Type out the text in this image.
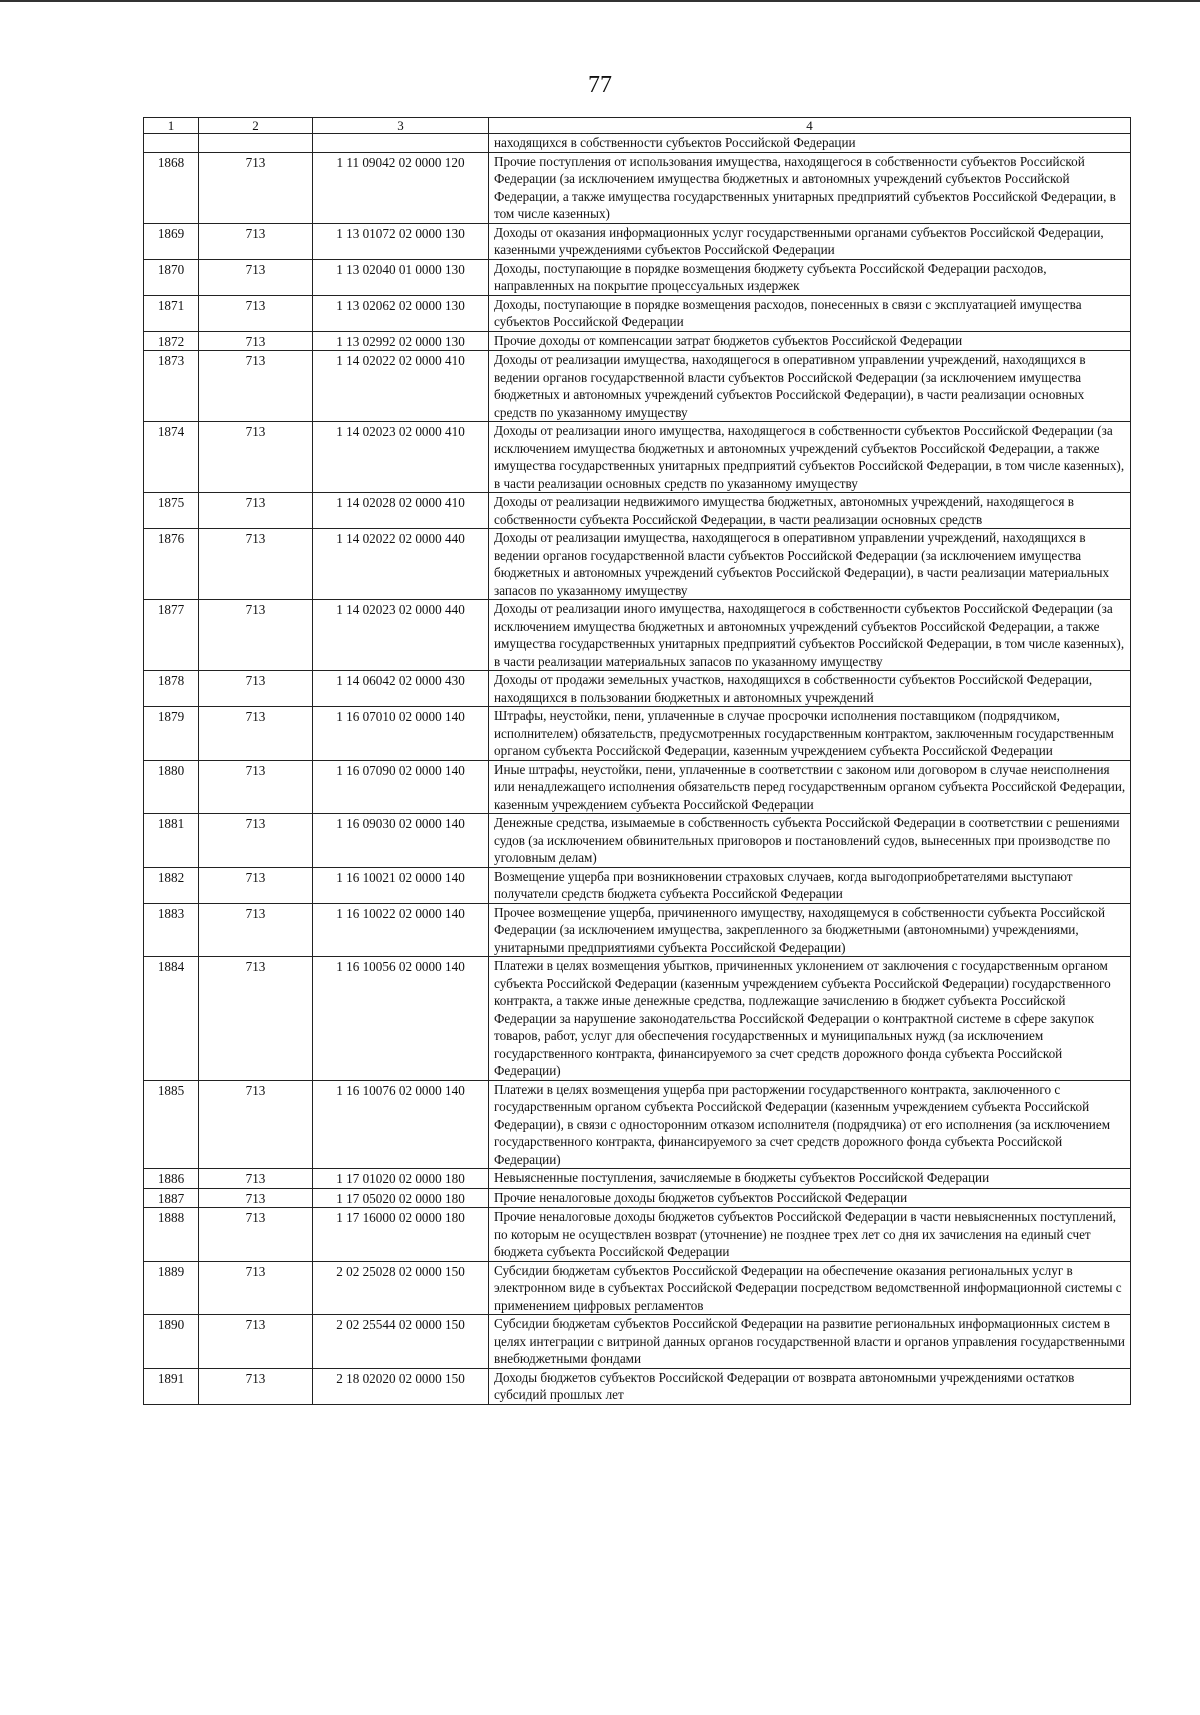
77
1	2	3	4
			находящихся в собственности субъектов Российской Федерации
1868	713	1 11 09042 02 0000 120	Прочие поступления от использования имущества, находящегося в собственности субъектов Российской Федерации (за исключением имущества бюджетных и автономных учреждений субъектов Российской Федерации, а также имущества государственных унитарных предприятий субъектов Российской Федерации, в том числе казенных)
1869	713	1 13 01072 02 0000 130	Доходы от оказания информационных услуг государственными органами субъектов Российской Федерации, казенными учреждениями субъектов Российской Федерации
1870	713	1 13 02040 01 0000 130	Доходы, поступающие в порядке возмещения бюджету субъекта Российской Федерации расходов, направленных на покрытие процессуальных издержек
1871	713	1 13 02062 02 0000 130	Доходы, поступающие в порядке возмещения расходов, понесенных в связи с эксплуатацией имущества субъектов Российской Федерации
1872	713	1 13 02992 02 0000 130	Прочие доходы от компенсации затрат бюджетов субъектов Российской Федерации
1873	713	1 14 02022 02 0000 410	Доходы от реализации имущества, находящегося в оперативном управлении учреждений, находящихся в ведении органов государственной власти субъектов Российской Федерации (за исключением имущества бюджетных и автономных учреждений субъектов Российской Федерации), в части реализации основных средств по указанному имуществу
1874	713	1 14 02023 02 0000 410	Доходы от реализации иного имущества, находящегося в собственности субъектов Российской Федерации (за исключением имущества бюджетных и автономных учреждений субъектов Российской Федерации, а также имущества государственных унитарных предприятий субъектов Российской Федерации, в том числе казенных), в части реализации основных средств по указанному имуществу
1875	713	1 14 02028 02 0000 410	Доходы от реализации недвижимого имущества бюджетных, автономных учреждений, находящегося в собственности субъекта Российской Федерации, в части реализации основных средств
1876	713	1 14 02022 02 0000 440	Доходы от реализации имущества, находящегося в оперативном управлении учреждений, находящихся в ведении органов государственной власти субъектов Российской Федерации (за исключением имущества бюджетных и автономных учреждений субъектов Российской Федерации), в части реализации материальных запасов по указанному имуществу
1877	713	1 14 02023 02 0000 440	Доходы от реализации иного имущества, находящегося в собственности субъектов Российской Федерации (за исключением имущества бюджетных и автономных учреждений субъектов Российской Федерации, а также имущества государственных унитарных предприятий субъектов Российской Федерации, в том числе казенных), в части реализации материальных запасов по указанному имуществу
1878	713	1 14 06042 02 0000 430	Доходы от продажи земельных участков, находящихся в собственности субъектов Российской Федерации, находящихся в пользовании бюджетных и автономных учреждений
1879	713	1 16 07010 02 0000 140	Штрафы, неустойки, пени, уплаченные в случае просрочки исполнения поставщиком (подрядчиком, исполнителем) обязательств, предусмотренных государственным контрактом, заключенным государственным органом субъекта Российской Федерации, казенным учреждением субъекта Российской Федерации
1880	713	1 16 07090 02 0000 140	Иные штрафы, неустойки, пени, уплаченные в соответствии с законом или договором в случае неисполнения или ненадлежащего исполнения обязательств перед государственным органом субъекта Российской Федерации, казенным учреждением субъекта Российской Федерации
1881	713	1 16 09030 02 0000 140	Денежные средства, изымаемые в собственность субъекта Российской Федерации в соответствии с решениями судов (за исключением обвинительных приговоров и постановлений судов, вынесенных при производстве по уголовным делам)
1882	713	1 16 10021 02 0000 140	Возмещение ущерба при возникновении страховых случаев, когда выгодоприобретателями выступают получатели средств бюджета субъекта Российской Федерации
1883	713	1 16 10022 02 0000 140	Прочее возмещение ущерба, причиненного имуществу, находящемуся в собственности субъекта Российской Федерации (за исключением имущества, закрепленного за бюджетными (автономными) учреждениями, унитарными предприятиями субъекта Российской Федерации)
1884	713	1 16 10056 02 0000 140	Платежи в целях возмещения убытков, причиненных уклонением от заключения с государственным органом субъекта Российской Федерации (казенным учреждением субъекта Российской Федерации) государственного контракта, а также иные денежные средства, подлежащие зачислению в бюджет субъекта Российской Федерации за нарушение законодательства Российской Федерации о контрактной системе в сфере закупок товаров, работ, услуг для обеспечения государственных и муниципальных нужд (за исключением государственного контракта, финансируемого за счет средств дорожного фонда субъекта Российской Федерации)
1885	713	1 16 10076 02 0000 140	Платежи в целях возмещения ущерба при расторжении государственного контракта, заключенного с государственным органом субъекта Российской Федерации (казенным учреждением субъекта Российской Федерации), в связи с односторонним отказом исполнителя (подрядчика) от его исполнения (за исключением государственного контракта, финансируемого за счет средств дорожного фонда субъекта Российской Федерации)
1886	713	1 17 01020 02 0000 180	Невыясненные поступления, зачисляемые в бюджеты субъектов Российской Федерации
1887	713	1 17 05020 02 0000 180	Прочие неналоговые доходы бюджетов субъектов Российской Федерации
1888	713	1 17 16000 02 0000 180	Прочие неналоговые доходы бюджетов субъектов Российской Федерации в части невыясненных поступлений, по которым не осуществлен возврат (уточнение) не позднее трех лет со дня их зачисления на единый счет бюджета субъекта Российской Федерации
1889	713	2 02 25028 02 0000 150	Субсидии бюджетам субъектов Российской Федерации на обеспечение оказания региональных услуг в электронном виде в субъектах Российской Федерации посредством ведомственной информационной системы с применением цифровых регламентов
1890	713	2 02 25544 02 0000 150	Субсидии бюджетам субъектов Российской Федерации на развитие региональных информационных систем в целях интеграции с витриной данных органов государственной власти и органов управления государственными внебюджетными фондами
1891	713	2 18 02020 02 0000 150	Доходы бюджетов субъектов Российской Федерации от возврата автономными учреждениями остатков субсидий прошлых лет
